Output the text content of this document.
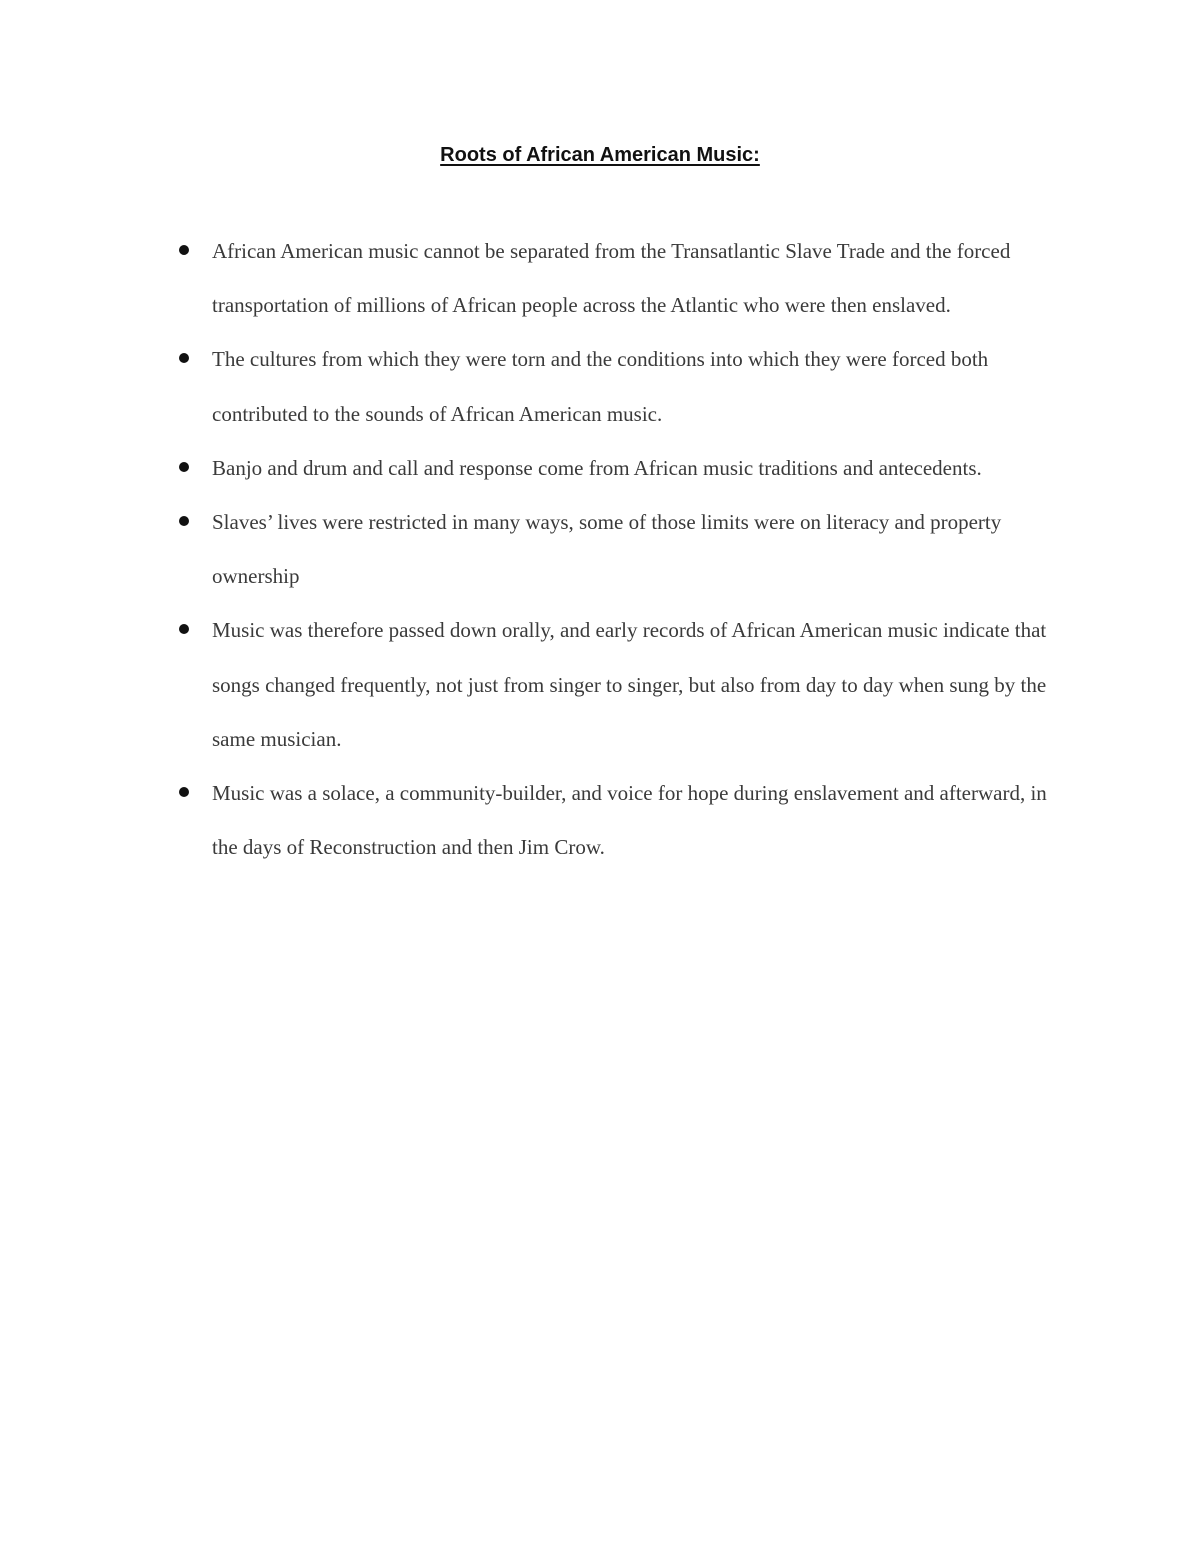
Roots of African American Music:
African American music cannot be separated from the Transatlantic Slave Trade and the forced transportation of millions of African people across the Atlantic who were then enslaved.
The cultures from which they were torn and the conditions into which they were forced both contributed to the sounds of African American music.
Banjo and drum and call and response come from African music traditions and antecedents.
Slaves’ lives were restricted in many ways, some of those limits were on literacy and property ownership
Music was therefore passed down orally, and early records of African American music indicate that songs changed frequently, not just from singer to singer, but also from day to day when sung by the same musician.
Music was a solace, a community-builder, and voice for hope during enslavement and afterward, in the days of Reconstruction and then Jim Crow.
